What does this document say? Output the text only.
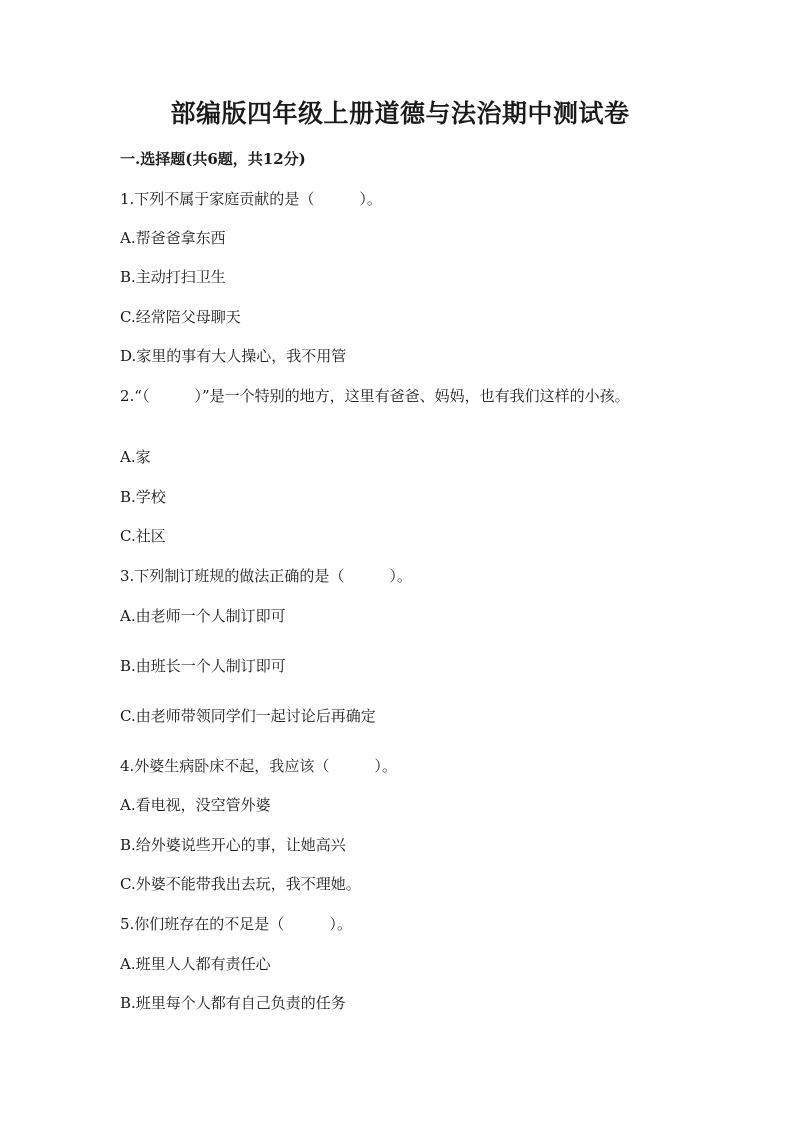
部编版四年级上册道德与法治期中测试卷
一.选择题(共6题，共12分)
1.下列不属于家庭贡献的是（　　　）。
A.帮爸爸拿东西
B.主动打扫卫生
C.经常陪父母聊天
D.家里的事有大人操心，我不用管
2.“（　　　）”是一个特别的地方，这里有爸爸、妈妈，也有我们这样的小孩。
A.家
B.学校
C.社区
3.下列制订班规的做法正确的是（　　　）。
A.由老师一个人制订即可
B.由班长一个人制订即可
C.由老师带领同学们一起讨论后再确定
4.外婆生病卧床不起，我应该（　　　）。
A.看电视，没空管外婆
B.给外婆说些开心的事，让她高兴
C.外婆不能带我出去玩，我不理她。
5.你们班存在的不足是（　　　）。
A.班里人人都有责任心
B.班里每个人都有自己负责的任务
